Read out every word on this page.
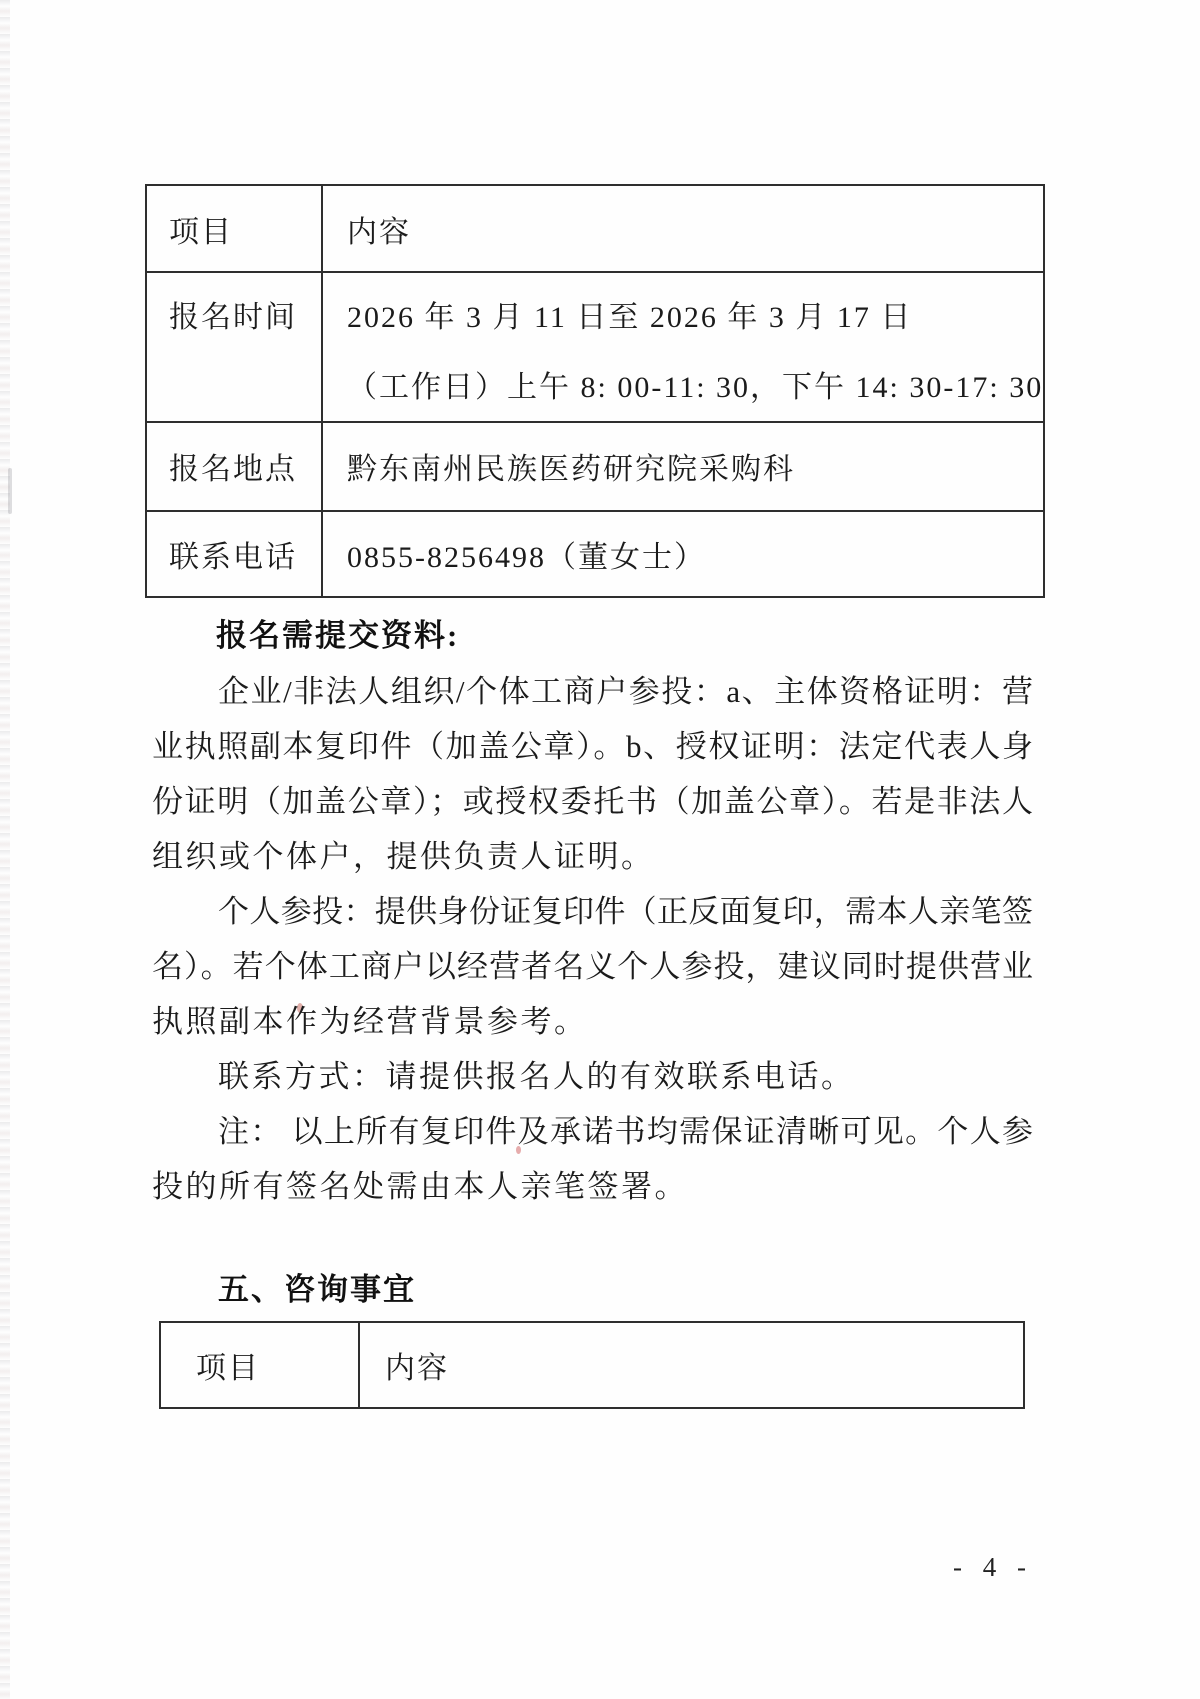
项目	内容
报名时间	2026 年 3 月 11 日至 2026 年 3 月 17 日
（工作日）上午 8: 00-11: 30，下午 14: 30-17: 30
报名地点	黔东南州民族医药研究院采购科
联系电话	0855-8256498（董女士）
报名需提交资料:
企业/非法人组织/个体工商户参投：a、主体资格证明：营
业执照副本复印件（加盖公章）。b、授权证明：法定代表人身
份证明（加盖公章）；或授权委托书（加盖公章）。若是非法人
组织或个体户，提供负责人证明。
个人参投：提供身份证复印件（正反面复印，需本人亲笔签
名）。若个体工商户以经营者名义个人参投，建议同时提供营业
执照副本作为经营背景参考。
联系方式：请提供报名人的有效联系电话。
注： 以上所有复印件及承诺书均需保证清晰可见。个人参
投的所有签名处需由本人亲笔签署。
五、咨询事宜
项目	内容
- 4 -
